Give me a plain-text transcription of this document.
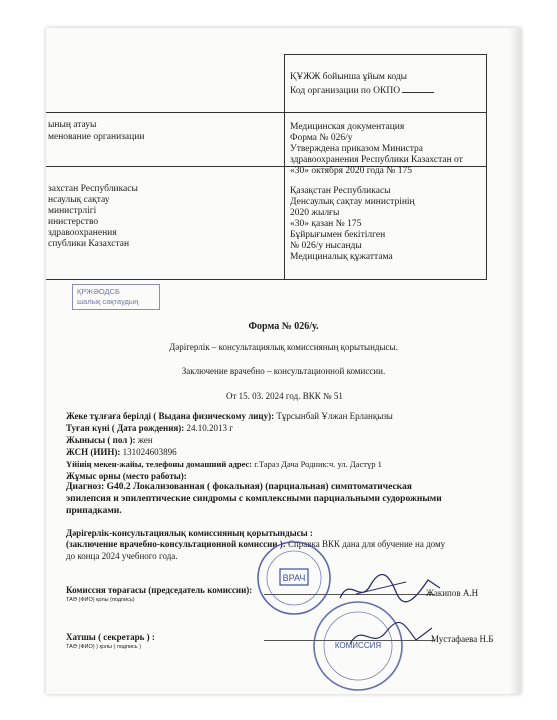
ҚҰЖЖ бойынша ұйым коды
Код организации по ОКПО
ының атауы
менование организации
Медицинская документация
Форма № 026/у
Утверждена приказом Министра
здравоохранения Республики Казахстан от
«30» октября 2020 года № 175
захстан Республикасы
нсаулық сақтау
министрлігі
инистерство
здравоохранения
спублики Казахстан
Қазақстан Республикасы
Денсаулық сақтау министрінің
2020 жылғы
«30» қазан № 175
Бұйрығымен бекітілген
№ 026/у нысанды
Медициналық құжаттама
ҚРЖӘОДСБ
шалық сақтаудың
Форма № 026/у.
Дәрігерлік – консультациялық комиссияның қорытындысы.
Заключение врачебно – консультационной комиссии.
От 15. 03. 2024 год. ВКК № 51
Жеке тұлғаға берілді ( Выдана физическому лицу): Тұрсынбай Ұлжан Ерланқызы
Туған күні ( Дата рождения): 24.10.2013 г
Жынысы ( пол ): жен
ЖСН (ИИН): 131024603896
Үйінің мекен-жайы, телефоны домашний адрес: г.Тараз Дача Родник:ч. ул. Дастүр 1
Жұмыс орны (место работы):
Диагноз: G40.2 Локализованная ( фокальная) (парциальная) симптоматическая
эпилепсия и эпилептические синдромы с комплексными парциальными судорожными
припадками.
Дәрігерлік-консультациялық комиссияның қорытындысы :
(заключение врачебно-консультационной комиссии ): Справка ВКК дана для обучение на дому
до конца 2024 учебного года.
Комиссия төрағасы (председатель комиссии):
ТАӘ (ФИО) қолы (подпись)
Жакипов А.Н
Хатшы ( секретарь ) :
ТАӘ (ФИО) ) қолы ( подпись )
Мустафаева Н.Б
ВРАЧ
КОМИССИЯ
